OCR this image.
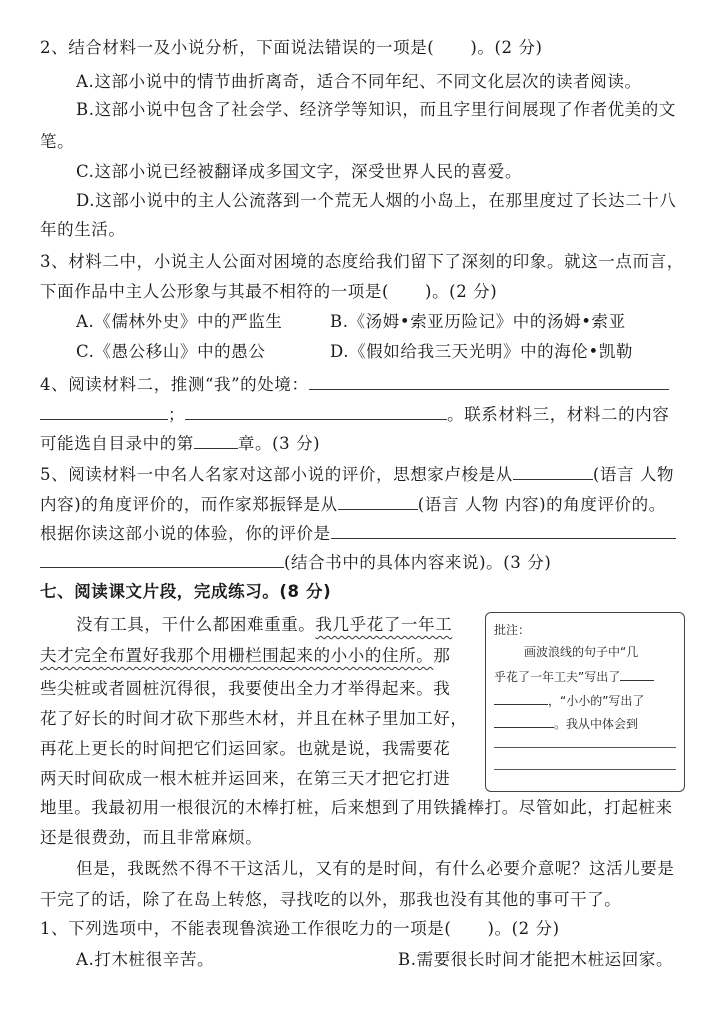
2、结合材料一及小说分析，下面说法错误的一项是( )。(2 分)
A.这部小说中的情节曲折离奇，适合不同年纪、不同文化层次的读者阅读。
B.这部小说中包含了社会学、经济学等知识，而且字里行间展现了作者优美的文
笔。
C.这部小说已经被翻译成多国文字，深受世界人民的喜爱。
D.这部小说中的主人公流落到一个荒无人烟的小岛上，在那里度过了长达二十八
年的生活。
3、材料二中，小说主人公面对困境的态度给我们留下了深刻的印象。就这一点而言，
下面作品中主人公形象与其最不相符的一项是( )。(2 分)
A.《儒林外史》中的严监生	B.《汤姆•索亚历险记》中的汤姆•索亚
C.《愚公移山》中的愚公	D.《假如给我三天光明》中的海伦•凯勒
4、阅读材料二，推测“我”的处境：
；	。联系材料三，材料二的内容
可能选自目录中的第	章。(3 分)
5、阅读材料一中名人名家对这部小说的评价，思想家卢梭是从	(语言 人物
内容)的角度评价的，而作家郑振铎是从	(语言 人物 内容)的角度评价的。
根据你读这部小说的体验，你的评价是
(结合书中的具体内容来说)。(3 分)
七、阅读课文片段，完成练习。(8 分)
没有工具，干什么都困难重重。我几乎花了一年工
夫才完全布置好我那个用栅栏围起来的小小的住所。那
些尖桩或者圆桩沉得很，我要使出全力才举得起来。我
花了好长的时间才砍下那些木材，并且在林子里加工好，
再花上更长的时间把它们运回家。也就是说，我需要花
两天时间砍成一根木桩并运回来，在第三天才把它打进
地里。我最初用一根很沉的木棒打桩，后来想到了用铁撬棒打。尽管如此，打起桩来
还是很费劲，而且非常麻烦。
但是，我既然不得不干这活儿，又有的是时间，有什么必要介意呢？这活儿要是
干完了的话，除了在岛上转悠，寻找吃的以外，那我也没有其他的事可干了。
批注：
画波浪线的句子中“几
乎花了一年工夫”写出了
，“小小的”写出了
。我从中体会到
1、下列选项中，不能表现鲁滨逊工作很吃力的一项是( )。(2 分)
A.打木桩很辛苦。	B.需要很长时间才能把木桩运回家。
